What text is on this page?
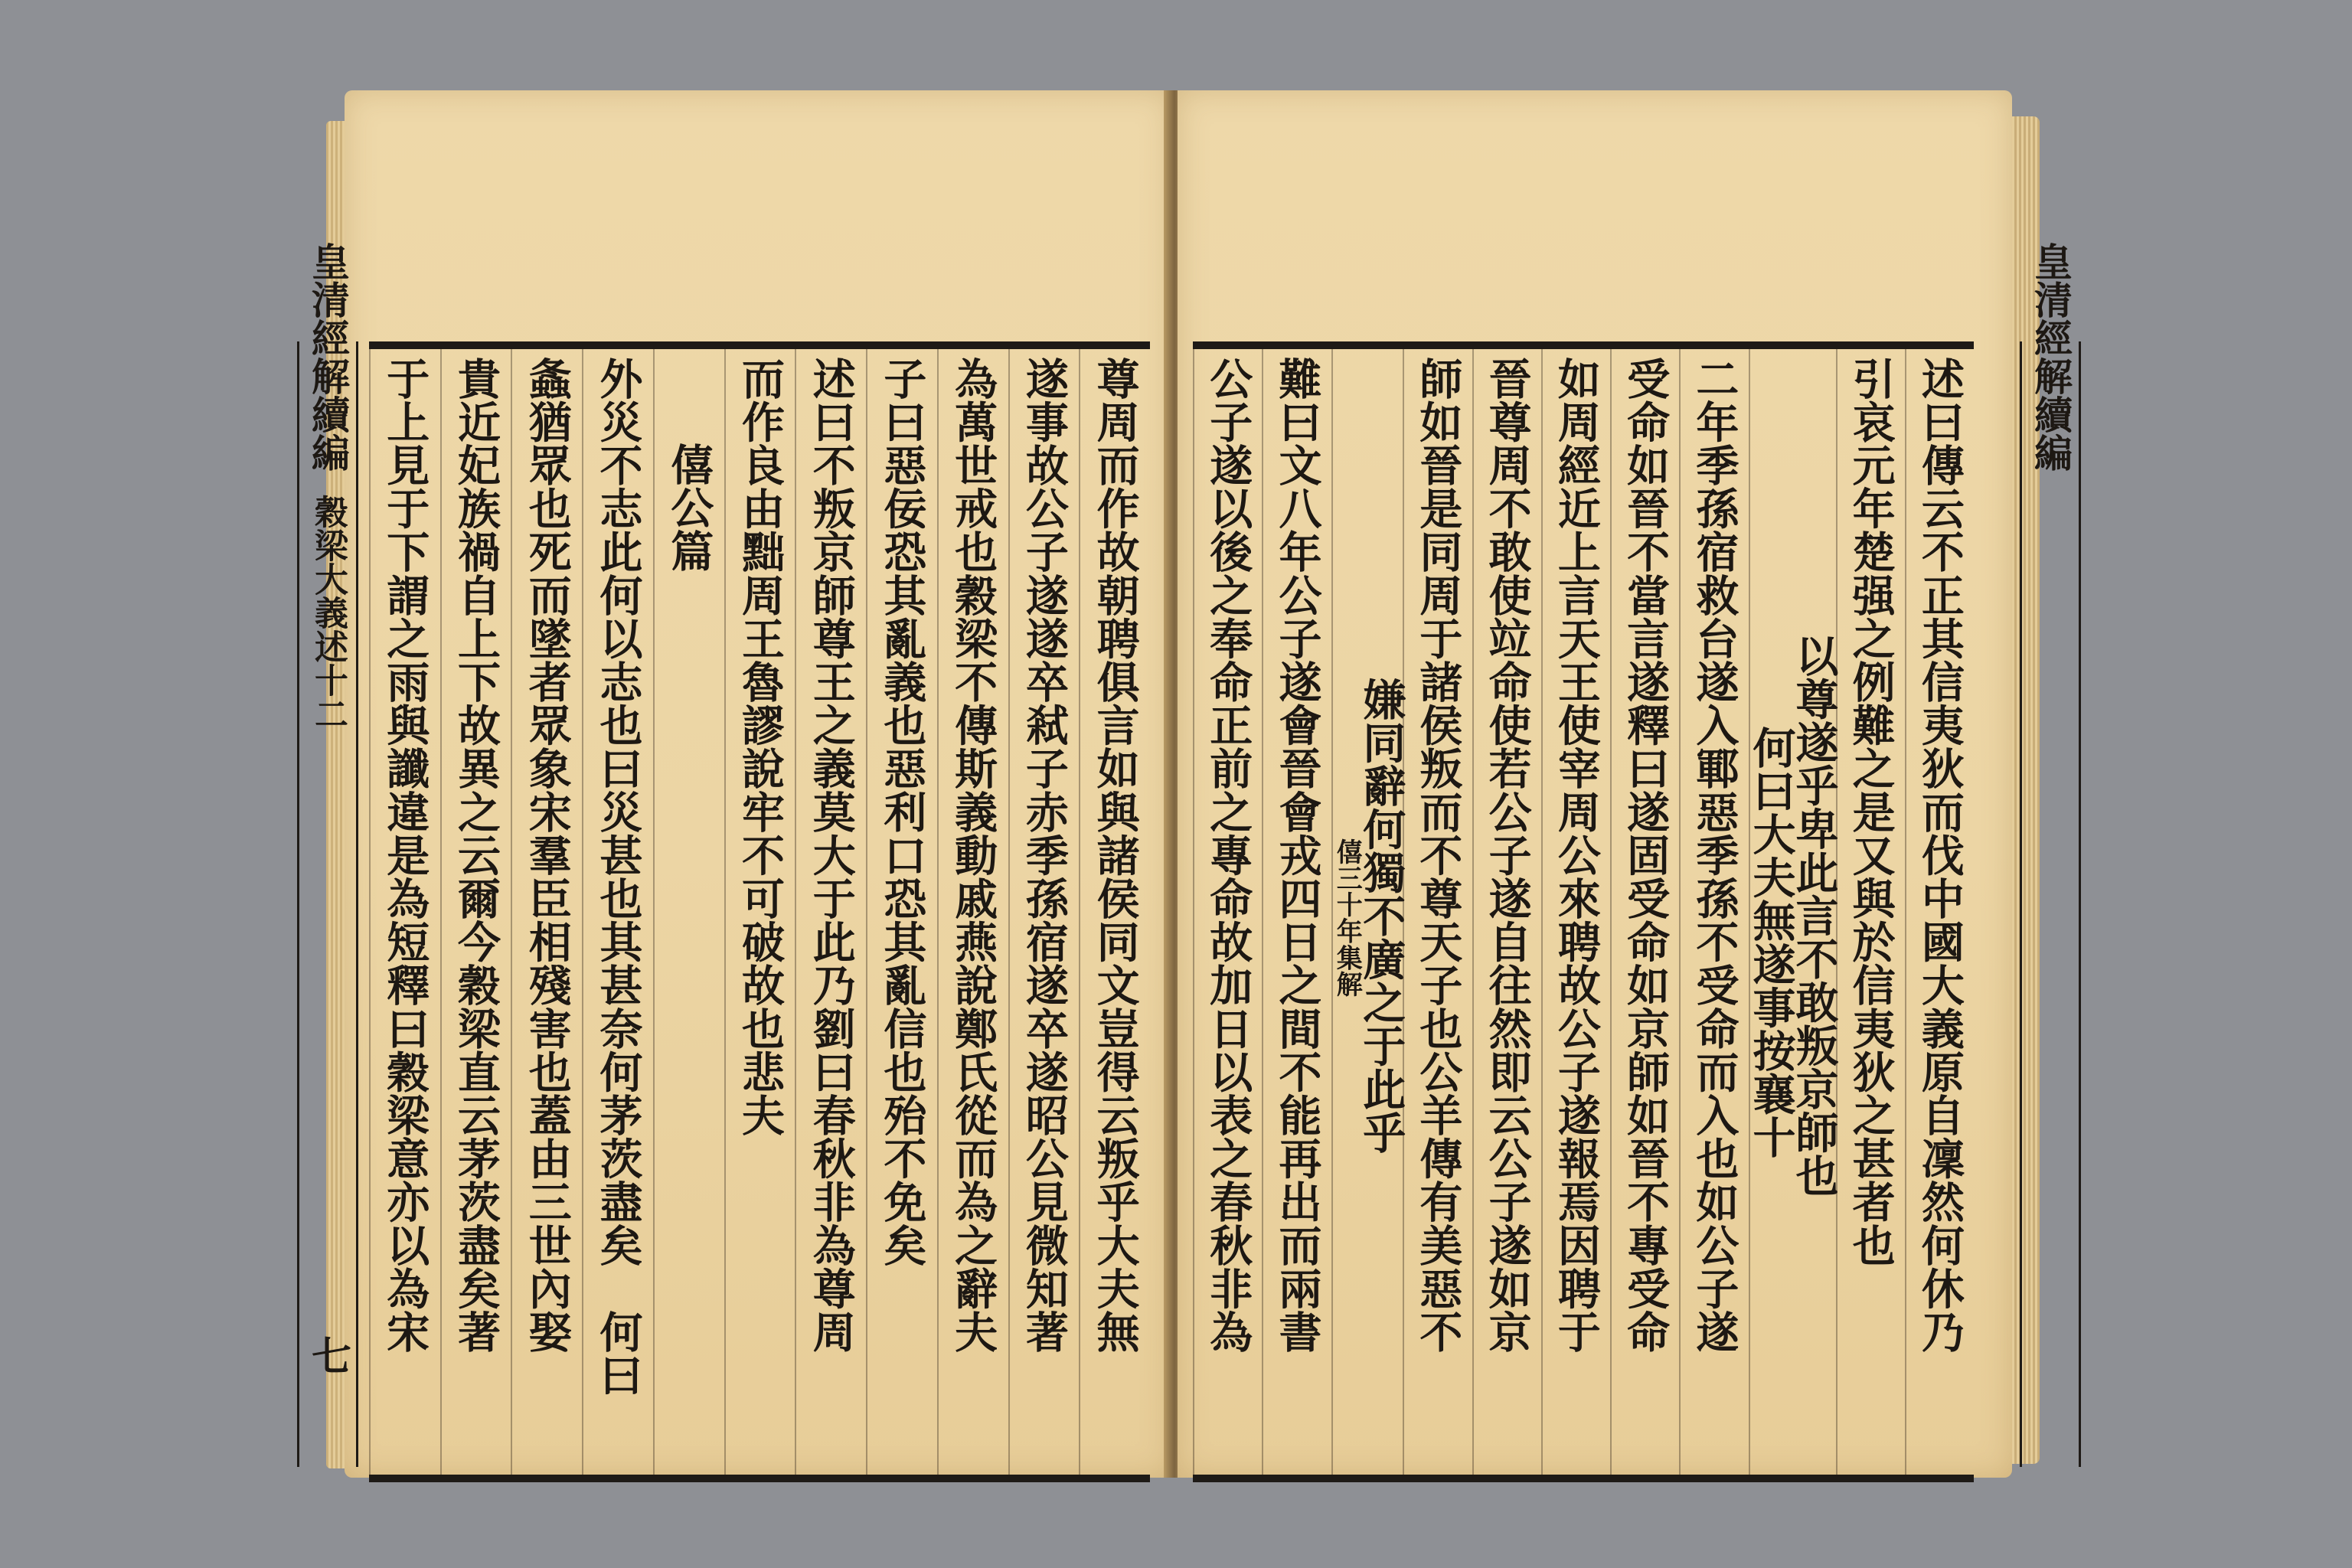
皇清經解續編
穀梁大義述十二
七
尊周而作故朝聘俱言如與諸侯同文豈得云叛乎大夫無
遂事故公子遂遂卒弒子赤季孫宿遂卒遂昭公見微知著
為萬世戒也穀梁不傳斯義動戚燕說鄭氏從而為之辭夫
子曰惡佞恐其亂義也惡利口恐其亂信也殆不免矣
述曰不叛京師尊王之義莫大于此乃劉曰春秋非為尊周
而作良由黜周王魯謬說牢不可破故也悲夫
僖公篇
外災不志此何以志也曰災甚也其甚奈何茅茨盡矣　何曰
螽猶眾也死而墜者眾象宋羣臣相殘害也蓋由三世內娶
貴近妃族禍自上下故異之云爾今穀梁直云茅茨盡矣著
于上見于下謂之雨與讖違是為短釋曰穀梁意亦以為宋	皇清經解續編
述曰傳云不正其信夷狄而伐中國大義原自凜然何休乃
引哀元年楚强之例難之是又與於信夷狄之甚者也
以尊遂乎卑此言不敢叛京師也
何曰大夫無遂事按襄十
二年季孫宿救台遂入鄆惡季孫不受命而入也如公子遂
受命如晉不當言遂釋曰遂固受命如京師如晉不專受命
如周經近上言天王使宰周公來聘故公子遂報焉因聘于
晉尊周不敢使竝命使若公子遂自往然即云公子遂如京
師如晉是同周于諸侯叛而不尊天子也公羊傳有美惡不
嫌同辭何獨不廣之于此乎
僖三十年集解
難曰文八年公子遂會晉會戎四日之間不能再出而兩書
公子遂以後之奉命正前之專命故加日以表之春秋非為
